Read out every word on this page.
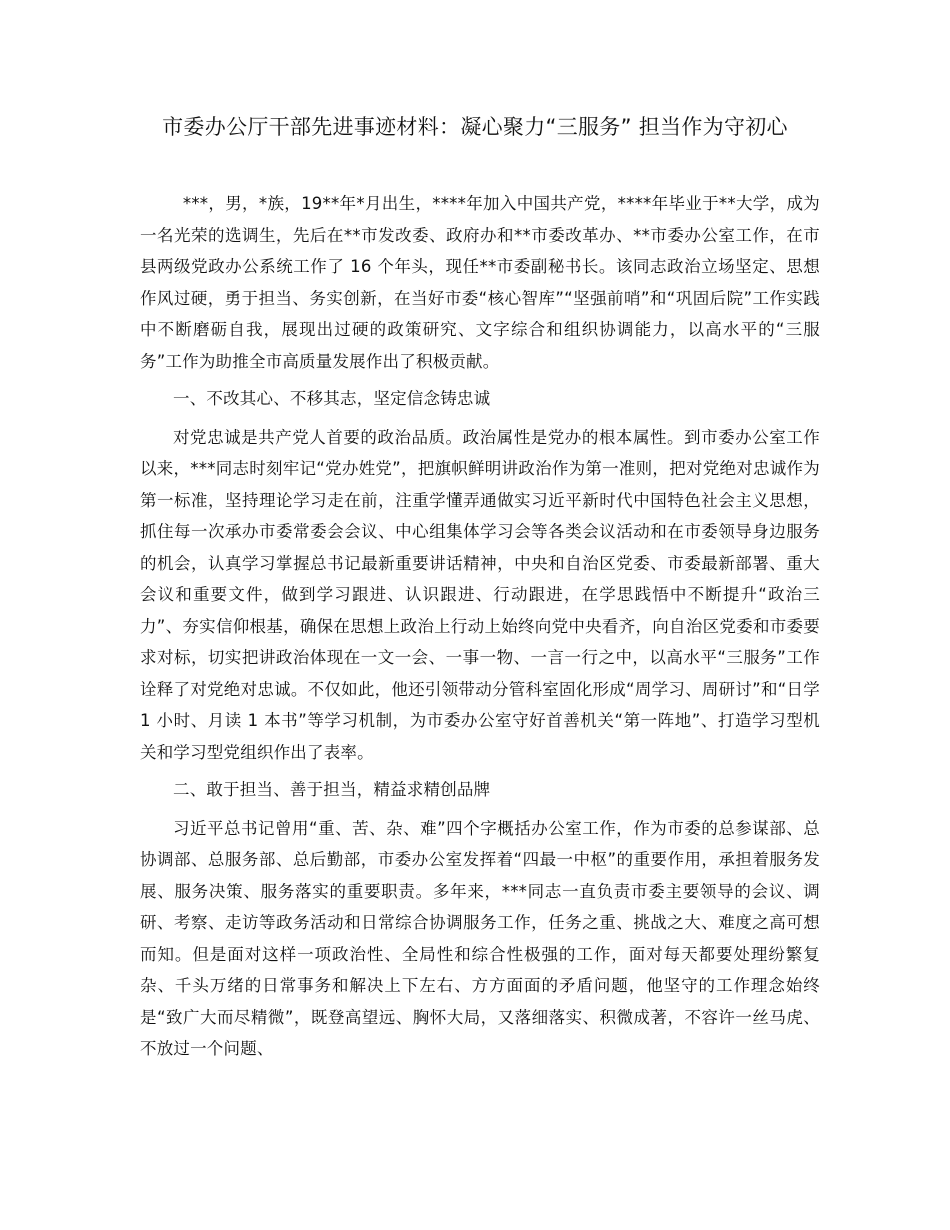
市委办公厅干部先进事迹材料：凝心聚力“三服务” 担当作为守初心

***，男，*族，19**年*月出生，****年加入中国共产党，****年毕业于**大学，成为一名光荣的选调生，先后在**市发改委、政府办和**市委改革办、**市委办公室工作，在市县两级党政办公系统工作了 16 个年头，现任**市委副秘书长。该同志政治立场坚定、思想作风过硬，勇于担当、务实创新，在当好市委“核心智库”“坚强前哨”和“巩固后院”工作实践中不断磨砺自我，展现出过硬的政策研究、文字综合和组织协调能力，以高水平的“三服务”工作为助推全市高质量发展作出了积极贡献。

一、不改其心、不移其志，坚定信念铸忠诚

对党忠诚是共产党人首要的政治品质。政治属性是党办的根本属性。到市委办公室工作以来，***同志时刻牢记“党办姓党”，把旗帜鲜明讲政治作为第一准则，把对党绝对忠诚作为第一标准，坚持理论学习走在前，注重学懂弄通做实习近平新时代中国特色社会主义思想，抓住每一次承办市委常委会会议、中心组集体学习会等各类会议活动和在市委领导身边服务的机会，认真学习掌握总书记最新重要讲话精神，中央和自治区党委、市委最新部署、重大会议和重要文件，做到学习跟进、认识跟进、行动跟进，在学思践悟中不断提升“政治三力”、夯实信仰根基，确保在思想上政治上行动上始终向党中央看齐，向自治区党委和市委要求对标，切实把讲政治体现在一文一会、一事一物、一言一行之中，以高水平“三服务”工作诠释了对党绝对忠诚。不仅如此，他还引领带动分管科室固化形成“周学习、周研讨”和“日学 1 小时、月读 1 本书”等学习机制，为市委办公室守好首善机关“第一阵地”、打造学习型机关和学习型党组织作出了表率。

二、敢于担当、善于担当，精益求精创品牌

习近平总书记曾用“重、苦、杂、难”四个字概括办公室工作，作为市委的总参谋部、总协调部、总服务部、总后勤部，市委办公室发挥着“四最一中枢”的重要作用，承担着服务发展、服务决策、服务落实的重要职责。多年来，***同志一直负责市委主要领导的会议、调研、考察、走访等政务活动和日常综合协调服务工作，任务之重、挑战之大、难度之高可想而知。但是面对这样一项政治性、全局性和综合性极强的工作，面对每天都要处理纷繁复杂、千头万绪的日常事务和解决上下左右、方方面面的矛盾问题，他坚守的工作理念始终是“致广大而尽精微”，既登高望远、胸怀大局，又落细落实、积微成著，不容许一丝马虎、不放过一个问题、
